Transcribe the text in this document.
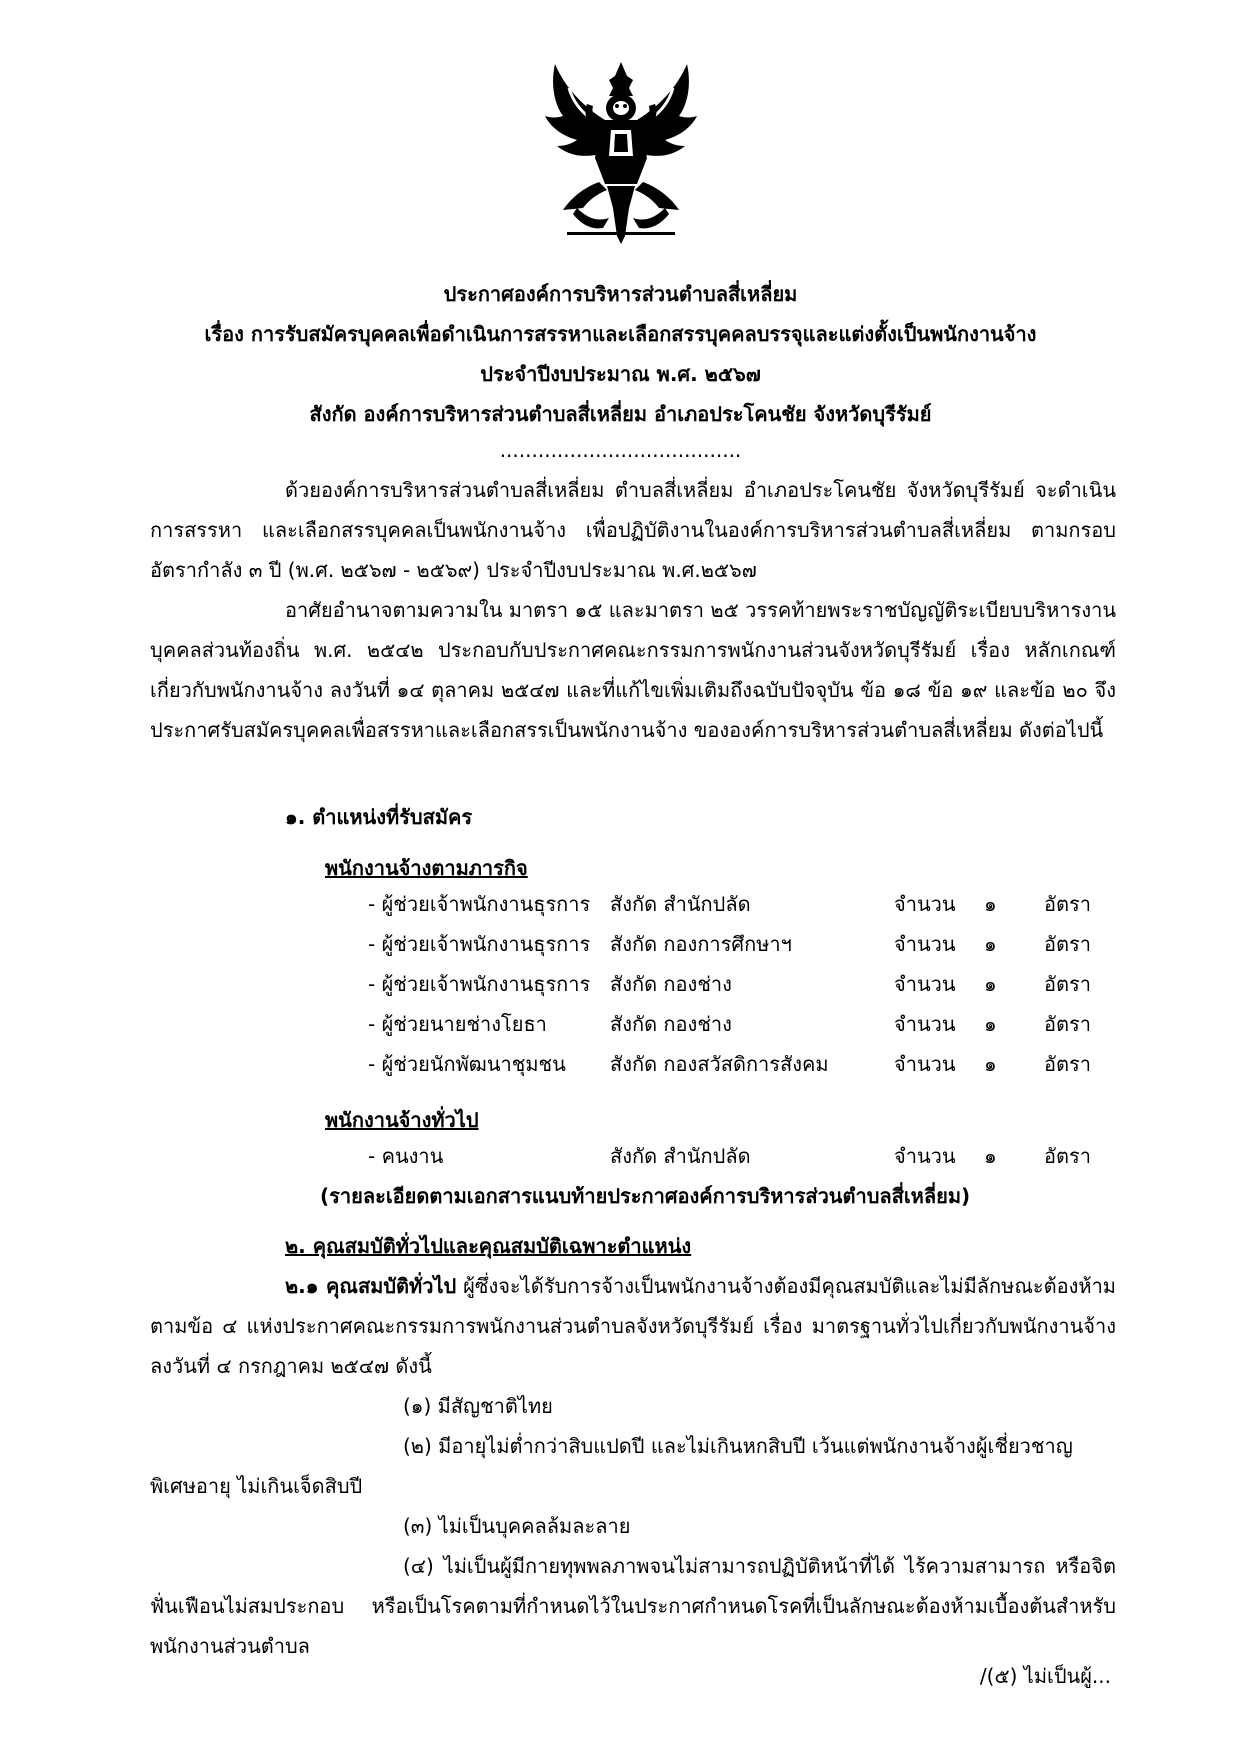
ประกาศองค์การบริหารส่วนตำบลสี่เหลี่ยม
เรื่อง การรับสมัครบุคคลเพื่อดำเนินการสรรหาและเลือกสรรบุคคลบรรจุและแต่งตั้งเป็นพนักงานจ้าง
ประจำปีงบประมาณ พ.ศ. ๒๕๖๗
สังกัด องค์การบริหารส่วนตำบลสี่เหลี่ยม อำเภอประโคนชัย จังหวัดบุรีรัมย์
......................................
ด้วยองค์การบริหารส่วนตำบลสี่เหลี่ยม ตำบลสี่เหลี่ยม อำเภอประโคนชัย จังหวัดบุรีรัมย์ จะดำเนินการสรรหา และเลือกสรรบุคคลเป็นพนักงานจ้าง เพื่อปฏิบัติงานในองค์การบริหารส่วนตำบลสี่เหลี่ยม ตามกรอบอัตรากำลัง ๓ ปี (พ.ศ. ๒๕๖๗ - ๒๕๖๙) ประจำปีงบประมาณ พ.ศ.๒๕๖๗
อาศัยอำนาจตามความใน มาตรา ๑๕ และมาตรา ๒๕ วรรคท้ายพระราชบัญญัติระเบียบบริหารงานบุคคลส่วนท้องถิ่น พ.ศ. ๒๕๔๒ ประกอบกับประกาศคณะกรรมการพนักงานส่วนจังหวัดบุรีรัมย์ เรื่อง หลักเกณฑ์เกี่ยวกับพนักงานจ้าง ลงวันที่ ๑๔ ตุลาคม ๒๕๔๗ และที่แก้ไขเพิ่มเติมถึงฉบับปัจจุบัน ข้อ ๑๘ ข้อ ๑๙ และข้อ ๒๐ จึงประกาศรับสมัครบุคคลเพื่อสรรหาและเลือกสรรเป็นพนักงานจ้าง ขององค์การบริหารส่วนตำบลสี่เหลี่ยม ดังต่อไปนี้
๑. ตำแหน่งที่รับสมัคร
พนักงานจ้างตามภารกิจ
- ผู้ช่วยเจ้าพนักงานธุรการ สังกัด สำนักปลัด	จำนวน ๑ อัตรา
- ผู้ช่วยเจ้าพนักงานธุรการ สังกัด กองการศึกษาฯ	จำนวน ๑ อัตรา
- ผู้ช่วยเจ้าพนักงานธุรการ สังกัด กองช่าง	จำนวน ๑ อัตรา
- ผู้ช่วยนายช่างโยธา	สังกัด กองช่าง	จำนวน ๑ อัตรา
- ผู้ช่วยนักพัฒนาชุมชน สังกัด กองสวัสดิการสังคม	จำนวน ๑ อัตรา
พนักงานจ้างทั่วไป
- คนงาน	สังกัด สำนักปลัด	จำนวน ๑ อัตรา
(รายละเอียดตามเอกสารแนบท้ายประกาศองค์การบริหารส่วนตำบลสี่เหลี่ยม)
๒. คุณสมบัติทั่วไปและคุณสมบัติเฉพาะตำแหน่ง
๒.๑ คุณสมบัติทั่วไป ผู้ซึ่งจะได้รับการจ้างเป็นพนักงานจ้างต้องมีคุณสมบัติและไม่มีลักษณะต้องห้ามตามข้อ ๔ แห่งประกาศคณะกรรมการพนักงานส่วนตำบลจังหวัดบุรีรัมย์ เรื่อง มาตรฐานทั่วไปเกี่ยวกับพนักงานจ้าง ลงวันที่ ๔ กรกฎาคม ๒๕๔๗ ดังนี้
(๑) มีสัญชาติไทย
(๒) มีอายุไม่ต่ำกว่าสิบแปดปี และไม่เกินหกสิบปี เว้นแต่พนักงานจ้างผู้เชี่ยวชาญ
พิเศษอายุ ไม่เกินเจ็ดสิบปี
(๓) ไม่เป็นบุคคลล้มละลาย
(๔) ไม่เป็นผู้มีกายทุพพลภาพจนไม่สามารถปฏิบัติหน้าที่ได้ ไร้ความสามารถ หรือจิตฟั่นเฟือนไม่สมประกอบ หรือเป็นโรคตามที่กำหนดไว้ในประกาศกำหนดโรคที่เป็นลักษณะต้องห้ามเบื้องต้นสำหรับพนักงานส่วนตำบล
/(๕) ไม่เป็นผู้...
